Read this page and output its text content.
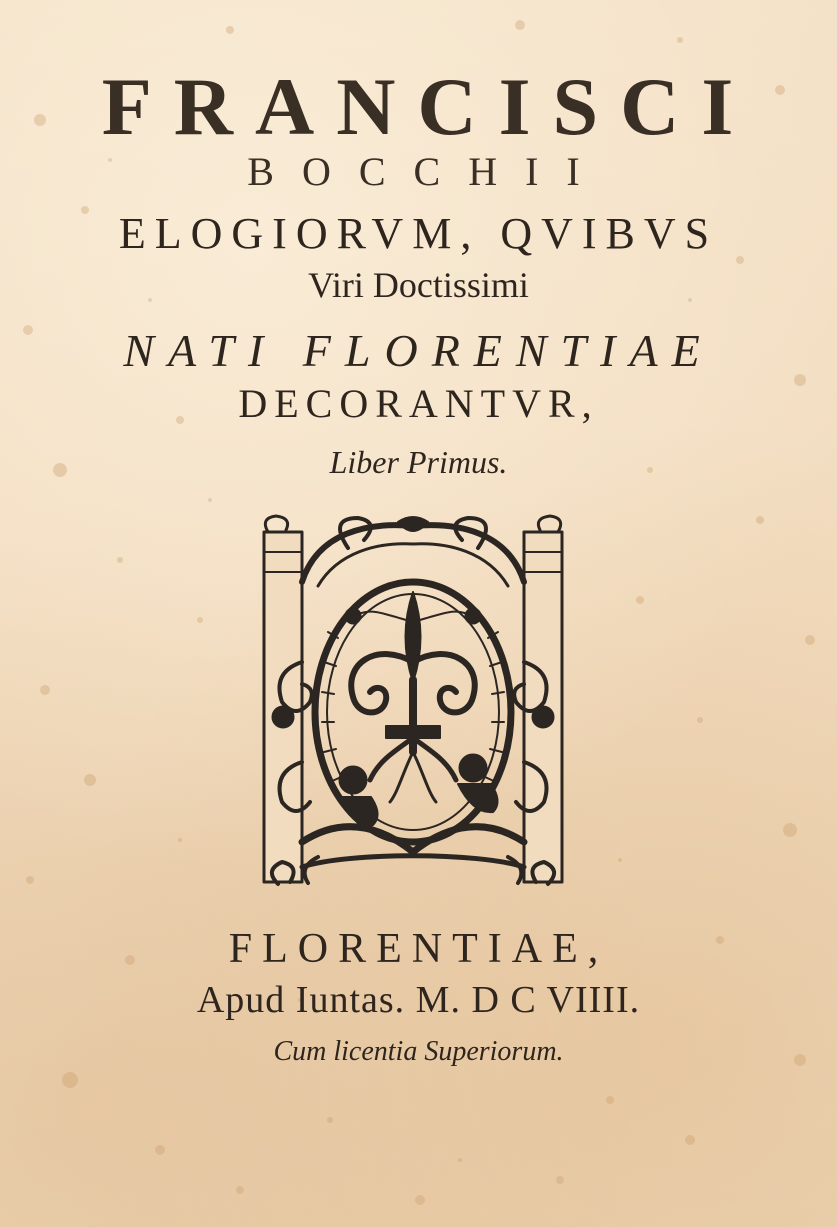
FRANCISCI
BOCCHII
ELOGIORVM, QVIBVS
Viri Doctissimi
NATI FLORENTIAE
DECORANTVR,
Liber Primus.
FLORENTIAE,
Apud Iuntas. M. D C VIIII.
Cum licentia Superiorum.
